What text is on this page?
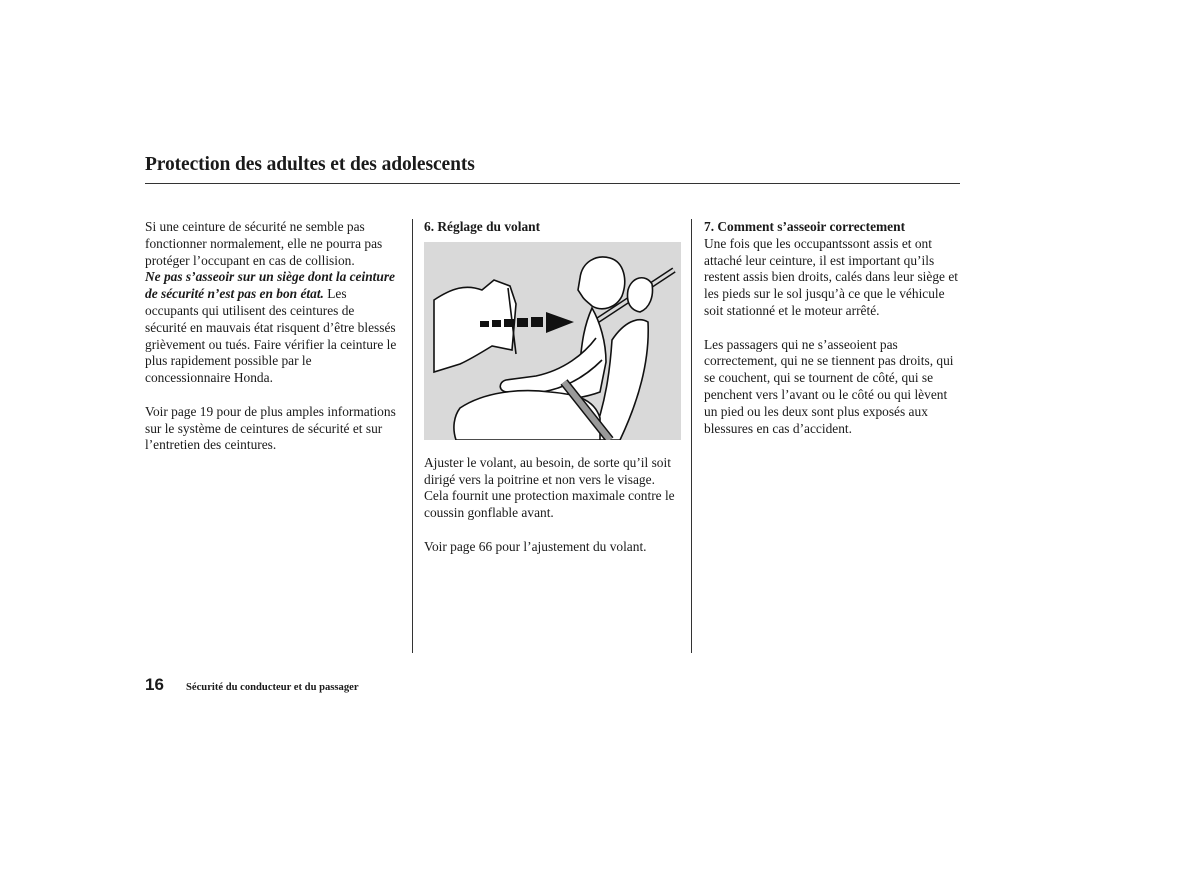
Protection des adultes et des adolescents

Si une ceinture de sécurité ne semble pas fonctionner normalement, elle ne pourra pas protéger l’occupant en cas de collision.
Ne pas s’asseoir sur un siège dont la ceinture de sécurité n’est pas en bon état. Les occupants qui utilisent des ceintures de sécurité en mauvais état risquent d’être blessés grièvement ou tués. Faire vérifier la ceinture le plus rapidement possible par le concessionnaire Honda.

Voir page 19 pour de plus amples informations sur le système de ceintures de sécurité et sur l’entretien des ceintures.

6. Réglage du volant

Ajuster le volant, au besoin, de sorte qu’il soit dirigé vers la poitrine et non vers le visage. Cela fournit une protection maximale contre le coussin gonflable avant.

Voir page 66 pour l’ajustement du volant.

7. Comment s’asseoir correctement

Une fois que les occupantssont assis et ont attaché leur ceinture, il est important qu’ils restent assis bien droits, calés dans leur siège et les pieds sur le sol jusqu’à ce que le véhicule soit stationné et le moteur arrêté.

Les passagers qui ne s’asseoient pas correctement, qui ne se tiennent pas droits, qui se couchent, qui se tournent de côté, qui se penchent vers l’avant ou le côté ou qui lèvent un pied ou les deux sont plus exposés aux blessures en cas d’accident.

16 Sécurité du conducteur et du passager
